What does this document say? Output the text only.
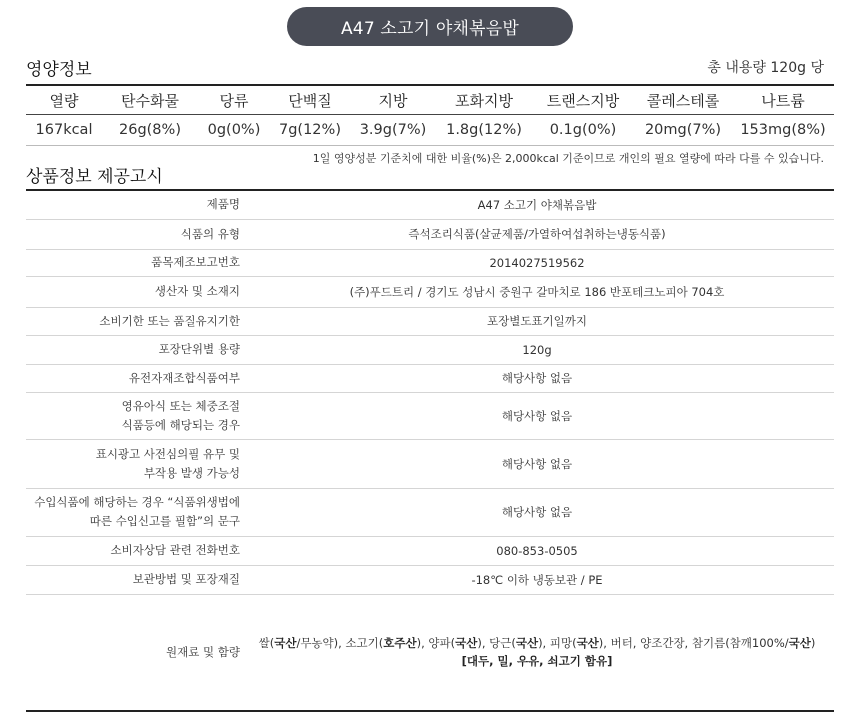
A47 소고기 야채볶음밥
영양정보	총 내용량 120g 당
열량	탄수화물	당류	단백질	지방	포화지방	트랜스지방	콜레스테롤	나트륨
167kcal	26g(8%)	0g(0%)	7g(12%)	3.9g(7%)	1.8g(12%)	0.1g(0%)	20mg(7%)	153mg(8%)
1일 영양성분 기준치에 대한 비율(%)은 2,000kcal 기준이므로 개인의 필요 열량에 따라 다를 수 있습니다.
상품정보 제공고시
제품명	A47 소고기 야채볶음밥
식품의 유형	즉석조리식품(살균제품/가열하여섭취하는냉동식품)
품목제조보고번호	2014027519562
생산자 및 소재지	(주)푸드트리 / 경기도 성남시 중원구 갈마치로 186 반포테크노피아 704호
소비기한 또는 품질유지기한	포장별도표기일까지
포장단위별 용량	120g
유전자재조합식품여부	해당사항 없음

영유아식 또는 체중조절
식품등에 해당되는 경우	해당사항 없음

표시광고 사전심의필 유무 및
부작용 발생 가능성	해당사항 없음

수입식품에 해당하는 경우 “식품위생법에
따른 수입신고를 필함”의 문구	해당사항 없음
소비자상담 관련 전화번호	080-853-0505
보관방법 및 포장재질	-18℃ 이하 냉동보관 / PE
원재료 및 함량	쌀(국산/무농약), 소고기(호주산), 양파(국산), 당근(국산), 피망(국산), 버터, 양조간장, 참기름(참깨100%/국산)
[대두, 밀, 우유, 쇠고기 함유]
